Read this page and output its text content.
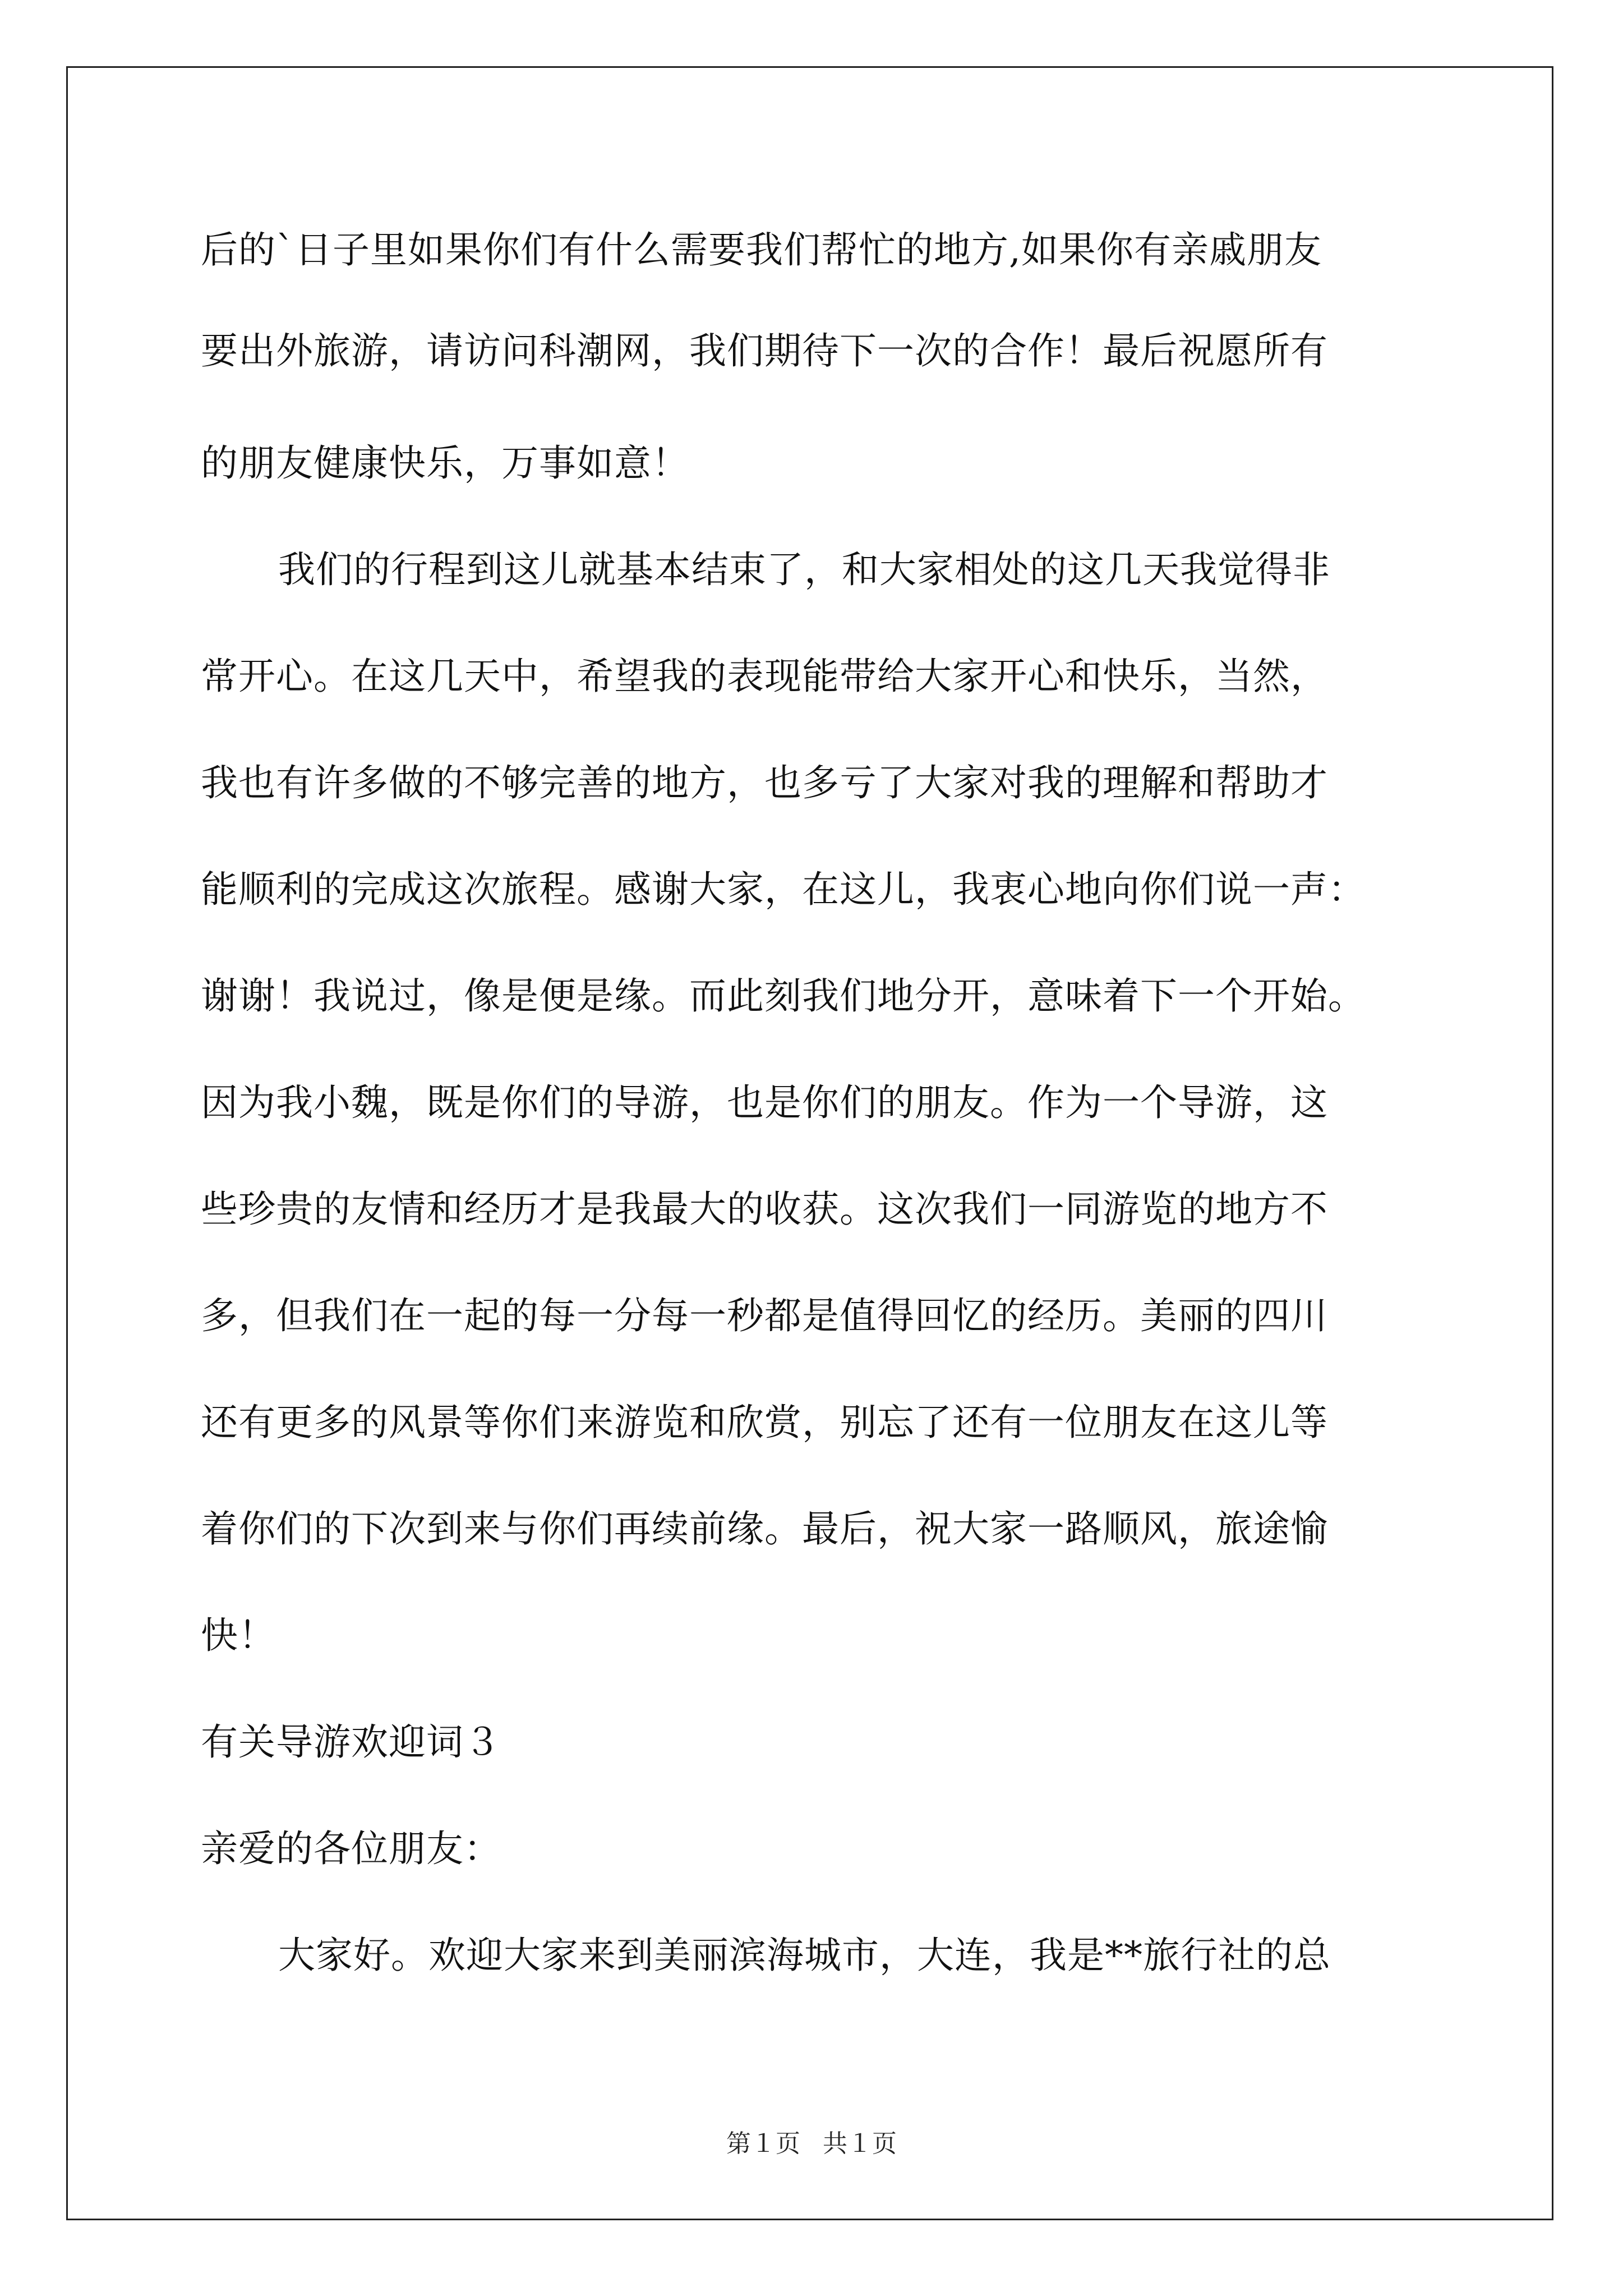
后的`日子里如果你们有什么需要我们帮忙的地方,如果你有亲戚朋友
要出外旅游，请访问科潮网，我们期待下一次的合作！最后祝愿所有
的朋友健康快乐，万事如意！
我们的行程到这儿就基本结束了，和大家相处的这几天我觉得非
常开心。在这几天中，希望我的表现能带给大家开心和快乐，当然，
我也有许多做的不够完善的地方，也多亏了大家对我的理解和帮助才
能顺利的完成这次旅程。感谢大家，在这儿，我衷心地向你们说一声：
谢谢！我说过，像是便是缘。而此刻我们地分开，意味着下一个开始。
因为我小魏，既是你们的导游，也是你们的朋友。作为一个导游，这
些珍贵的友情和经历才是我最大的收获。这次我们一同游览的地方不
多，但我们在一起的每一分每一秒都是值得回忆的经历。美丽的四川
还有更多的风景等你们来游览和欣赏，别忘了还有一位朋友在这儿等
着你们的下次到来与你们再续前缘。最后，祝大家一路顺风，旅途愉
快！
有关导游欢迎词３
亲爱的各位朋友：
大家好。欢迎大家来到美丽滨海城市，大连，我是**旅行社的总
第１页 共１页
